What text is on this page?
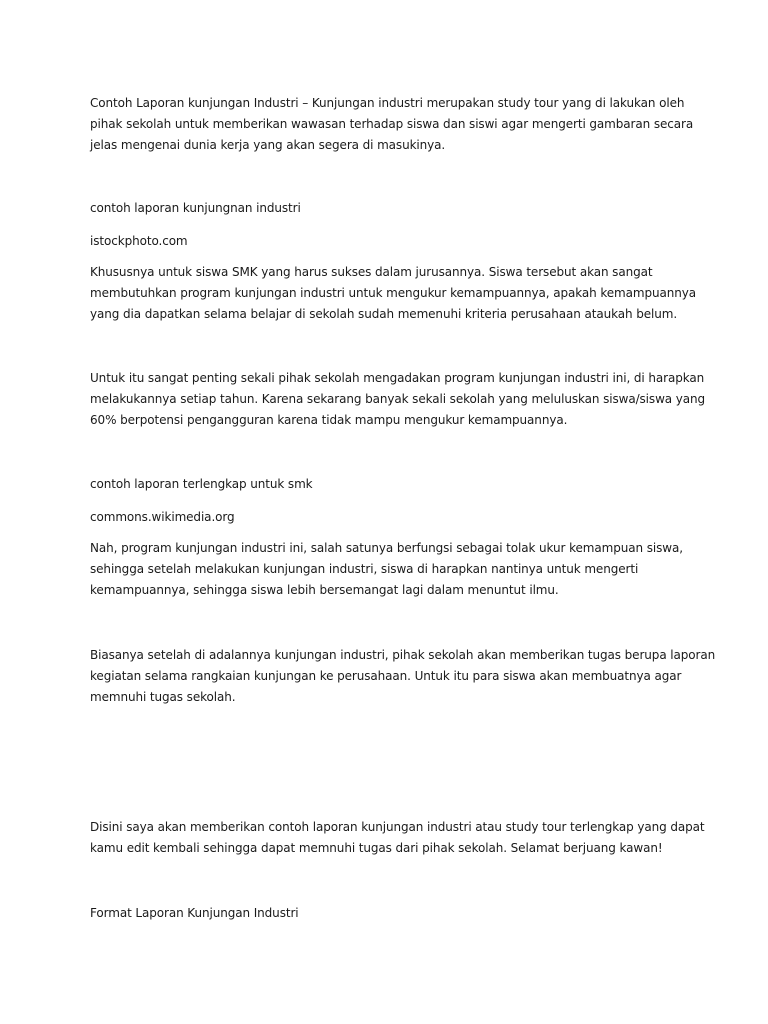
Contoh Laporan kunjungan Industri – Kunjungan industri merupakan study tour yang di lakukan oleh
pihak sekolah untuk memberikan wawasan terhadap siswa dan siswi agar mengerti gambaran secara
jelas mengenai dunia kerja yang akan segera di masukinya.

contoh laporan kunjungnan industri

istockphoto.com

Khususnya untuk siswa SMK yang harus sukses dalam jurusannya. Siswa tersebut akan sangat
membutuhkan program kunjungan industri untuk mengukur kemampuannya, apakah kemampuannya
yang dia dapatkan selama belajar di sekolah sudah memenuhi kriteria perusahaan ataukah belum.

Untuk itu sangat penting sekali pihak sekolah mengadakan program kunjungan industri ini, di harapkan
melakukannya setiap tahun. Karena sekarang banyak sekali sekolah yang meluluskan siswa/siswa yang
60% berpotensi pengangguran karena tidak mampu mengukur kemampuannya.

contoh laporan terlengkap untuk smk

commons.wikimedia.org

Nah, program kunjungan industri ini, salah satunya berfungsi sebagai tolak ukur kemampuan siswa,
sehingga setelah melakukan kunjungan industri, siswa di harapkan nantinya untuk mengerti
kemampuannya, sehingga siswa lebih bersemangat lagi dalam menuntut ilmu.

Biasanya setelah di adalannya kunjungan industri, pihak sekolah akan memberikan tugas berupa laporan
kegiatan selama rangkaian kunjungan ke perusahaan. Untuk itu para siswa akan membuatnya agar
memnuhi tugas sekolah.

Disini saya akan memberikan contoh laporan kunjungan industri atau study tour terlengkap yang dapat
kamu edit kembali sehingga dapat memnuhi tugas dari pihak sekolah. Selamat berjuang kawan!

Format Laporan Kunjungan Industri
